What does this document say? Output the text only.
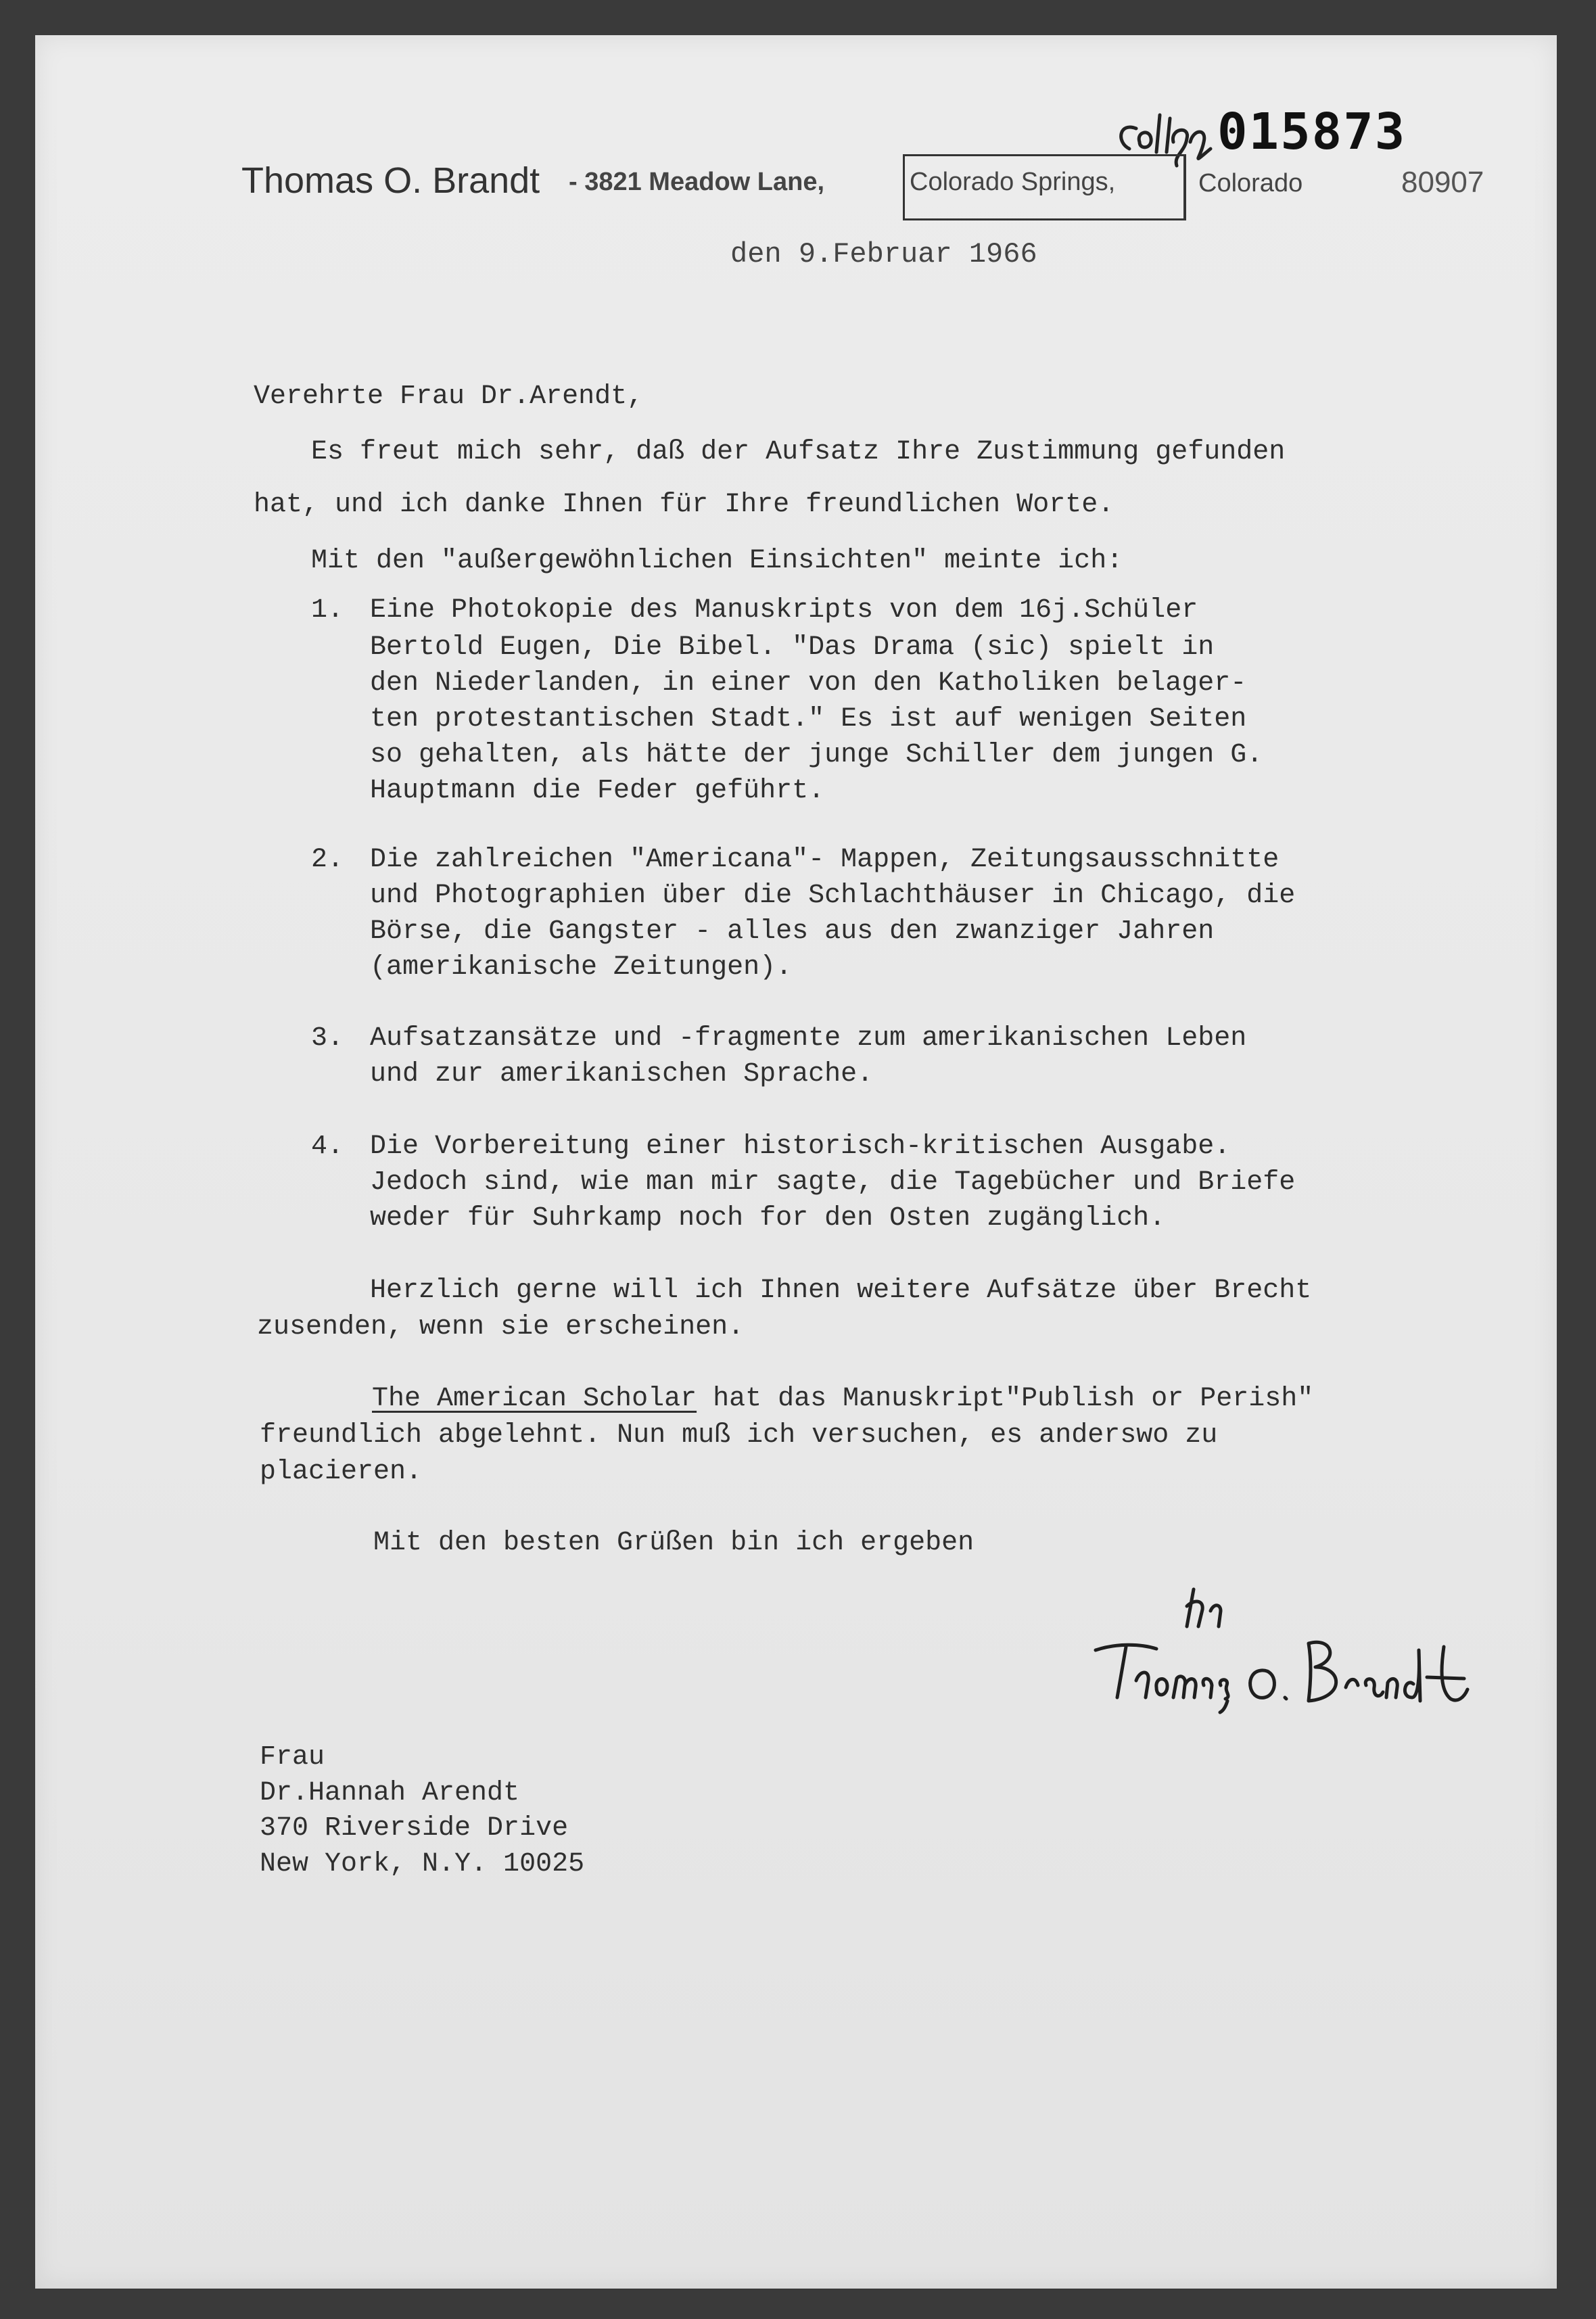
015873
Thomas O. Brandt - 3821 Meadow Lane,	Colorado Springs,	Colorado	80907
den 9.Februar 1966
Verehrte Frau Dr.Arendt,
Es freut mich sehr, daß der Aufsatz Ihre Zustimmung gefunden
hat, und ich danke Ihnen für Ihre freundlichen Worte.
Mit den "außergewöhnlichen Einsichten" meinte ich:
1. Eine Photokopie des Manuskripts von dem 16j.Schüler
Bertold Eugen, Die Bibel. "Das Drama (sic) spielt in
den Niederlanden, in einer von den Katholiken belager-
ten protestantischen Stadt." Es ist auf wenigen Seiten
so gehalten, als hätte der junge Schiller dem jungen G.
Hauptmann die Feder geführt.
2. Die zahlreichen "Americana"- Mappen, Zeitungsausschnitte
und Photographien über die Schlachthäuser in Chicago, die
Börse, die Gangster - alles aus den zwanziger Jahren
(amerikanische Zeitungen).
3. Aufsatzansätze und -fragmente zum amerikanischen Leben
und zur amerikanischen Sprache.
4. Die Vorbereitung einer historisch-kritischen Ausgabe.
Jedoch sind, wie man mir sagte, die Tagebücher und Briefe
weder für Suhrkamp noch for den Osten zugänglich.
Herzlich gerne will ich Ihnen weitere Aufsätze über Brecht
zusenden, wenn sie erscheinen.
The American Scholar hat das Manuskript"Publish or Perish"
freundlich abgelehnt. Nun muß ich versuchen, es anderswo zu
placieren.
Mit den besten Grüßen bin ich ergeben
Frau
Dr.Hannah Arendt
370 Riverside Drive
New York, N.Y. 10025
